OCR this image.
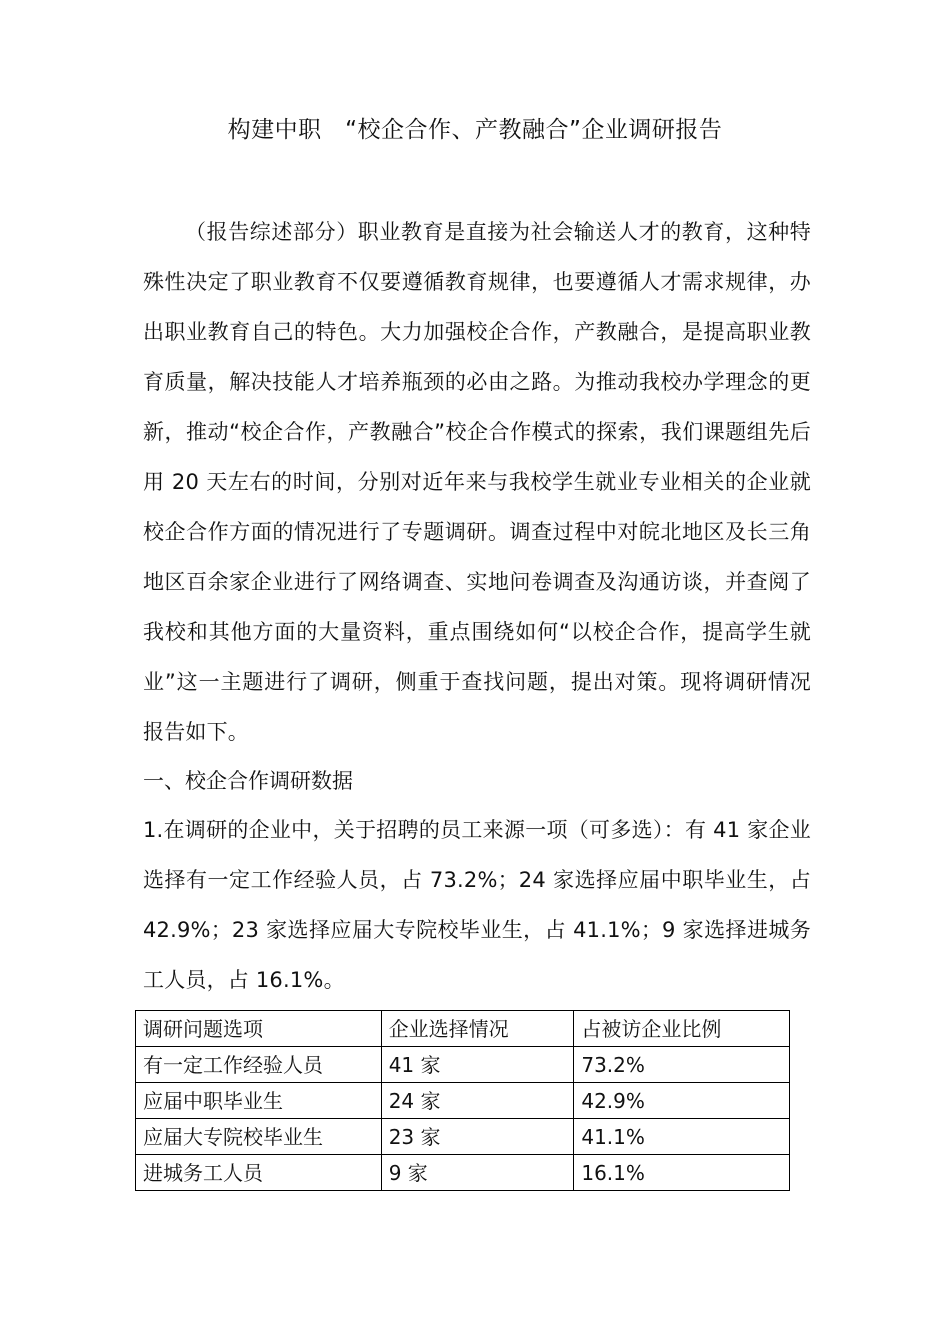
构建中职　“校企合作、产教融合”企业调研报告
（报告综述部分）职业教育是直接为社会输送人才的教育，这种特殊性决定了职业教育不仅要遵循教育规律，也要遵循人才需求规律，办出职业教育自己的特色。大力加强校企合作，产教融合，是提高职业教育质量，解决技能人才培养瓶颈的必由之路。为推动我校办学理念的更新，推动“校企合作，产教融合”校企合作模式的探索，我们课题组先后用 20 天左右的时间，分别对近年来与我校学生就业专业相关的企业就校企合作方面的情况进行了专题调研。调查过程中对皖北地区及长三角地区百余家企业进行了网络调查、实地问卷调查及沟通访谈，并查阅了我校和其他方面的大量资料，重点围绕如何“以校企合作，提高学生就业”这一主题进行了调研，侧重于查找问题，提出对策。现将调研情况报告如下。
一、校企合作调研数据
1.在调研的企业中，关于招聘的员工来源一项（可多选）：有 41 家企业选择有一定工作经验人员，占 73.2%；24 家选择应届中职毕业生，占 42.9%；23 家选择应届大专院校毕业生，占 41.1%；9 家选择进城务工人员，占 16.1%。
调研问题选项	企业选择情况	占被访企业比例
有一定工作经验人员	41 家	73.2%
应届中职毕业生	24 家	42.9%
应届大专院校毕业生	23 家	41.1%
进城务工人员	9 家	16.1%
